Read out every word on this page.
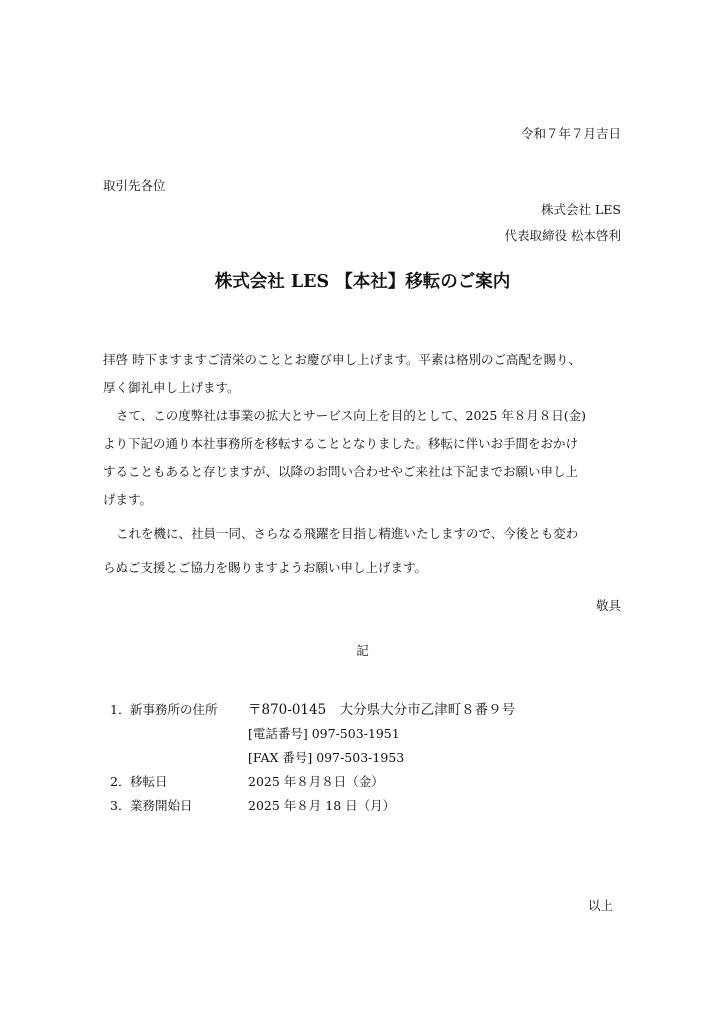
令和７年７月吉日

取引先各位

株式会社 LES

代表取締役 松本啓利

株式会社 LES 【本社】移転のご案内
拝啓 時下ますますご清栄のこととお慶び申し上げます。平素は格別のご高配を賜り、
厚く御礼申し上げます。
さて、この度弊社は事業の拡大とサービス向上を目的として、2025 年８月８日(金)
より下記の通り本社事務所を移転することとなりました。移転に伴いお手間をおかけ
することもあると存じますが、以降のお問い合わせやご来社は下記までお願い申し上
げます。
これを機に、社員一同、さらなる飛躍を目指し精進いたしますので、今後とも変わ
らぬご支援とご協力を賜りますようお願い申し上げます。

敬具

記

1． 新事務所の住所 〒870-0145　大分県大分市乙津町８番９号
[電話番号] 097-503-1951
[FAX 番号] 097-503-1953
2． 移転日	2025 年８月８日（金）
3． 業務開始日	2025 年８月 18 日（月）

以上
